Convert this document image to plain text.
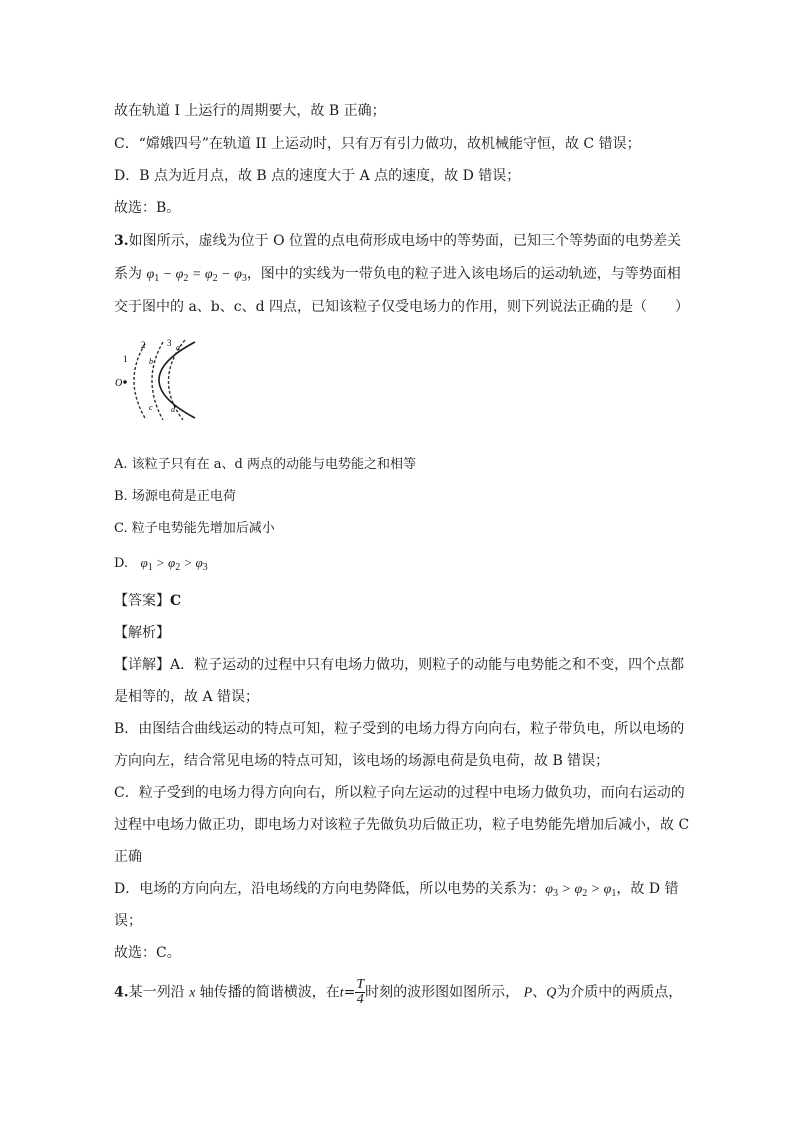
故在轨道 I 上运行的周期要大，故 B 正确；
C．“嫦娥四号”在轨道 II 上运动时，只有万有引力做功，故机械能守恒，故 C 错误；
D．B 点为近月点，故 B 点的速度大于 A 点的速度，故 D 错误；
故选：B。
3.如图所示，虚线为位于 O 位置的点电荷形成电场中的等势面，已知三个等势面的电势差关
系为 $\varphi_1 - \varphi_2 = \varphi_2 - \varphi_3$，图中的实线为一带负电的粒子进入该电场后的运动轨迹，与等势面相
交于图中的 a、b、c、d 四点，已知该粒子仅受电场力的作用，则下列说法正确的是（　　）
O
1
2 3 a
b
c d
A. 该粒子只有在 a、d 两点的动能与电势能之和相等
B. 场源电荷是正电荷
C. 粒子电势能先增加后减小
D. $\varphi_1 > \varphi_2 > \varphi_3$
【答案】C
【解析】
【详解】A．粒子运动的过程中只有电场力做功，则粒子的动能与电势能之和不变，四个点都
是相等的，故 A 错误；
B．由图结合曲线运动的特点可知，粒子受到的电场力得方向向右，粒子带负电，所以电场的
方向向左，结合常见电场的特点可知，该电场的场源电荷是负电荷，故 B 错误；
C．粒子受到的电场力得方向向右，所以粒子向左运动的过程中电场力做负功，而向右运动的
过程中电场力做正功，即电场力对该粒子先做负功后做正功，粒子电势能先增加后减小，故 C
正确
D．电场的方向向左，沿电场线的方向电势降低，所以电势的关系为：$\varphi_3 > \varphi_2 > \varphi_1$，故 D 错
误；
故选：C。
4.某一列沿 x 轴传播的简谐横波，在$t= \frac{T}{4}$ 时刻的波形图如图所示， P、Q为介质中的两质点，
